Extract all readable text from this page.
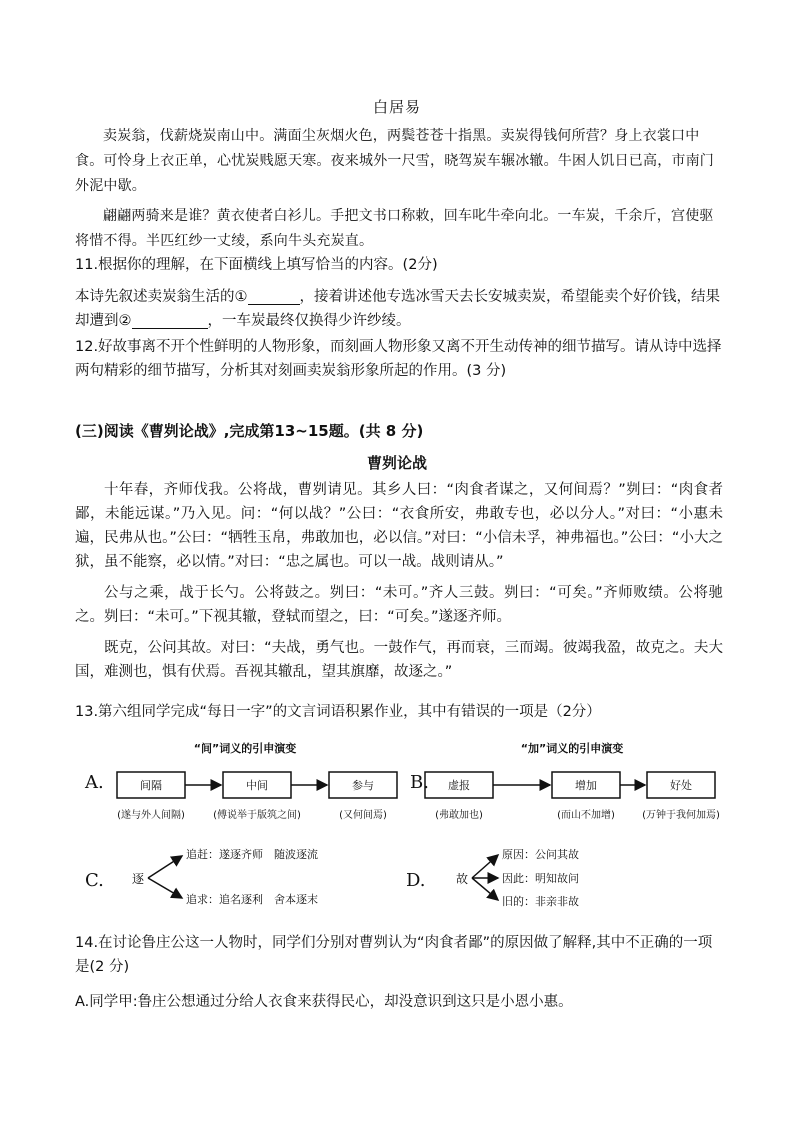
白居易

卖炭翁，伐薪烧炭南山中。满面尘灰烟火色，两鬓苍苍十指黑。卖炭得钱何所营？身上衣裳口中食。可怜身上衣正单，心忧炭贱愿天寒。夜来城外一尺雪，晓驾炭车辗冰辙。牛困人饥日已高，市南门外泥中歇。

翩翩两骑来是谁？黄衣使者白衫儿。手把文书口称敕，回车叱牛牵向北。一车炭，千余斤，宫使驱将惜不得。半匹红纱一丈绫，系向牛头充炭直。

11.根据你的理解，在下面横线上填写恰当的内容。(2分)

本诗先叙述卖炭翁生活的①	，接着讲述他专选冰雪天去长安城卖炭，希望能卖个好价钱，结果却遭到②	，一车炭最终仅换得少许纱绫。

12.好故事离不开个性鲜明的人物形象，而刻画人物形象又离不开生动传神的细节描写。请从诗中选择两句精彩的细节描写，分析其对刻画卖炭翁形象所起的作用。(3 分)

(三)阅读《曹刿论战》,完成第13~15题。(共 8 分)
曹刿论战

十年春，齐师伐我。公将战，曹刿请见。其乡人曰：“肉食者谋之，又何间焉？”刿曰：“肉食者鄙，未能远谋。”乃入见。问：“何以战？”公曰：“衣食所安，弗敢专也，必以分人。”对曰：“小惠未遍，民弗从也。”公曰：“牺牲玉帛，弗敢加也，必以信。”对曰：“小信未孚，神弗福也。”公曰：“小大之狱，虽不能察，必以情。”对曰：“忠之属也。可以一战。战则请从。”

公与之乘，战于长勺。公将鼓之。刿曰：“未可。”齐人三鼓。刿曰：“可矣。”齐师败绩。公将驰之。刿曰：“未可。”下视其辙，登轼而望之，曰：“可矣。”遂逐齐师。

既克，公问其故。对曰：“夫战，勇气也。一鼓作气，再而衰，三而竭。彼竭我盈，故克之。夫大国，难测也，惧有伏焉。吾视其辙乱，望其旗靡，故逐之。”

13.第六组同学完成“每日一字”的文言词语积累作业，其中有错误的一项是（2分）

A.
“间”词义的引申演变
间隔	中间	参与
(遂与外人间隔)	(傅说举于版筑之间)	(又何间焉)
B.
“加”词义的引申演变
虚报	增加	好处
(弗敢加也)	(而山不加增)	(万钟于我何加焉)
C. 逐
追赶：遂逐齐师　随波逐流
追求：追名逐利　舍本逐末
D.	故
原因：公问其故
因此：明知故问
旧的：非亲非故

14.在讨论鲁庄公这一人物时，同学们分别对曹刿认为“肉食者鄙”的原因做了解释,其中不正确的一项是(2 分)

A.同学甲:鲁庄公想通过分给人衣食来获得民心，却没意识到这只是小恩小惠。
